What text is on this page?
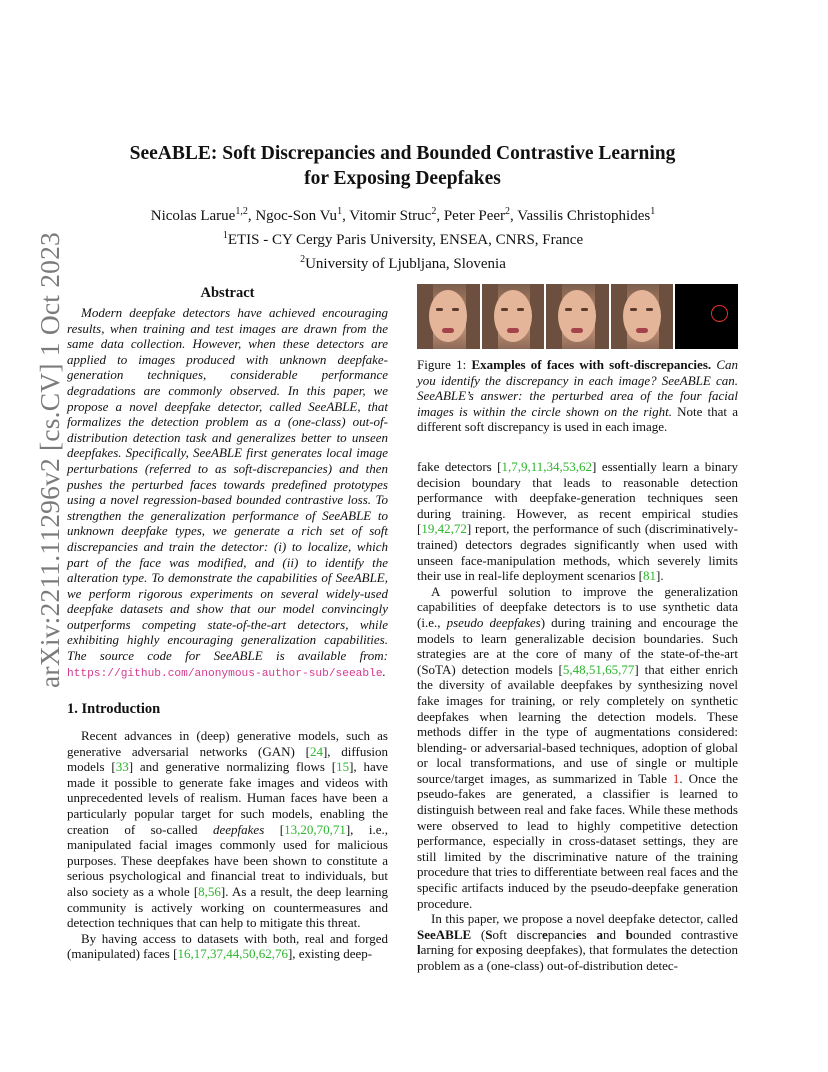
arXiv:2211.11296v2 [cs.CV] 1 Oct 2023
SeeABLE: Soft Discrepancies and Bounded Contrastive Learning
for Exposing Deepfakes
Nicolas Larue$^{1,2}$, Ngoc-Son Vu$^1$, Vitomir Struc$^2$, Peter Peer$^2$, Vassilis Christophides$^1$
$^1$ETIS - CY Cergy Paris University, ENSEA, CNRS, France
$^2$University of Ljubljana, Slovenia
Abstract

Modern deepfake detectors have achieved encouraging results, when training and test images are drawn from the same data collection. However, when these detectors are applied to images produced with unknown deepfake-generation techniques, considerable performance degradations are commonly observed. In this paper, we propose a novel deepfake detector, called SeeABLE, that formalizes the detection problem as a (one-class) out-of-distribution detection task and generalizes better to unseen deepfakes. Specifically, SeeABLE first generates local image perturbations (referred to as soft-discrepancies) and then pushes the perturbed faces towards predefined prototypes using a novel regression-based bounded contrastive loss. To strengthen the generalization performance of SeeABLE to unknown deepfake types, we generate a rich set of soft discrepancies and train the detector: (i) to localize, which part of the face was modified, and (ii) to identify the alteration type. To demonstrate the capabilities of SeeABLE, we perform rigorous experiments on several widely-used deepfake datasets and show that our model convincingly outperforms competing state-of-the-art detectors, while exhibiting highly encouraging generalization capabilities. The source code for SeeABLE is available from: https://github.com/anonymous-author-sub/seeable.

1. Introduction

Recent advances in (deep) generative models, such as generative adversarial networks (GAN) [24], diffusion models [33] and generative normalizing flows [15], have made it possible to generate fake images and videos with unprecedented levels of realism. Human faces have been a particularly popular target for such models, enabling the creation of so-called deepfakes [13,20,70,71], i.e., manipulated facial images commonly used for malicious purposes. These deepfakes have been shown to constitute a serious psychological and financial treat to individuals, but also society as a whole [8,56]. As a result, the deep learning community is actively working on countermeasures and detection techniques that can help to mitigate this threat.

By having access to datasets with both, real and forged (manipulated) faces [16,17,37,44,50,62,76], existing deep-

Figure 1: Examples of faces with soft-discrepancies. Can you identify the discrepancy in each image? SeeABLE can. SeeABLE’s answer: the perturbed area of the four facial images is within the circle shown on the right. Note that a different soft discrepancy is used in each image.

fake detectors [1,7,9,11,34,53,62] essentially learn a binary decision boundary that leads to reasonable detection performance with deepfake-generation techniques seen during training. However, as recent empirical studies [19,42,72] report, the performance of such (discriminatively-trained) detectors degrades significantly when used with unseen face-manipulation methods, which severely limits their use in real-life deployment scenarios [81].

A powerful solution to improve the generalization capabilities of deepfake detectors is to use synthetic data (i.e., pseudo deepfakes) during training and encourage the models to learn generalizable decision boundaries. Such strategies are at the core of many of the state-of-the-art (SoTA) detection models [5,48,51,65,77] that either enrich the diversity of available deepfakes by synthesizing novel fake images for training, or rely completely on synthetic deepfakes when learning the detection models. These methods differ in the type of augmentations considered: blending- or adversarial-based techniques, adoption of global or local transformations, and use of single or multiple source/target images, as summarized in Table 1. Once the pseudo-fakes are generated, a classifier is learned to distinguish between real and fake faces. While these methods were observed to lead to highly competitive detection performance, especially in cross-dataset settings, they are still limited by the discriminative nature of the training procedure that tries to differentiate between real faces and the specific artifacts induced by the pseudo-deepfake generation procedure.

In this paper, we propose a novel deepfake detector, called SeeABLE (Soft discrepancies and bounded contrastive larning for exposing deepfakes), that formulates the detection problem as a (one-class) out-of-distribution detec-
